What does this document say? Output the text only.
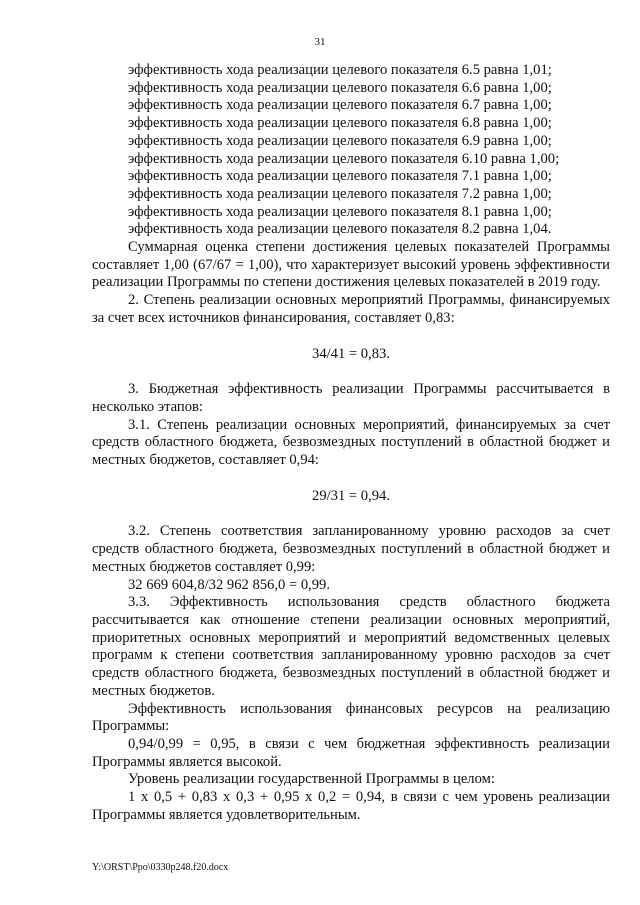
31

эффективность хода реализации целевого показателя 6.5 равна 1,01;

эффективность хода реализации целевого показателя 6.6 равна 1,00;

эффективность хода реализации целевого показателя 6.7 равна 1,00;

эффективность хода реализации целевого показателя 6.8 равна 1,00;

эффективность хода реализации целевого показателя 6.9 равна 1,00;

эффективность хода реализации целевого показателя 6.10 равна 1,00;

эффективность хода реализации целевого показателя 7.1 равна 1,00;

эффективность хода реализации целевого показателя 7.2 равна 1,00;

эффективность хода реализации целевого показателя 8.1 равна 1,00;

эффективность хода реализации целевого показателя 8.2 равна 1,04.

Суммарная оценка степени достижения целевых показателей Программы составляет 1,00 (67/67 = 1,00), что характеризует высокий уровень эффективности реализации Программы по степени достижения целевых показателей в 2019 году.

2. Степень реализации основных мероприятий Программы, финансируемых за счет всех источников финансирования, составляет 0,83:

34/41 = 0,83.

3. Бюджетная эффективность реализации Программы рассчитывается в несколько этапов:

3.1. Степень реализации основных мероприятий, финансируемых за счет средств областного бюджета, безвозмездных поступлений в областной бюджет и местных бюджетов, составляет 0,94:

29/31 = 0,94.

3.2. Степень соответствия запланированному уровню расходов за счет средств областного бюджета, безвозмездных поступлений в областной бюджет и местных бюджетов составляет 0,99:

32 669 604,8/32 962 856,0 = 0,99.

3.3. Эффективность использования средств областного бюджета рассчитывается как отношение степени реализации основных мероприятий, приоритетных основных мероприятий и мероприятий ведомственных целевых программ к степени соответствия запланированному уровню расходов за счет средств областного бюджета, безвозмездных поступлений в областной бюджет и местных бюджетов.

Эффективность использования финансовых ресурсов на реализацию Программы:

0,94/0,99 = 0,95, в связи с чем бюджетная эффективность реализации Программы является высокой.

Уровень реализации государственной Программы в целом:

1 х 0,5 + 0,83 х 0,3 + 0,95 х 0,2 = 0,94, в связи с чем уровень реализации Программы является удовлетворительным.

Y:\ORST\Ppo\0330p248.f20.docx
